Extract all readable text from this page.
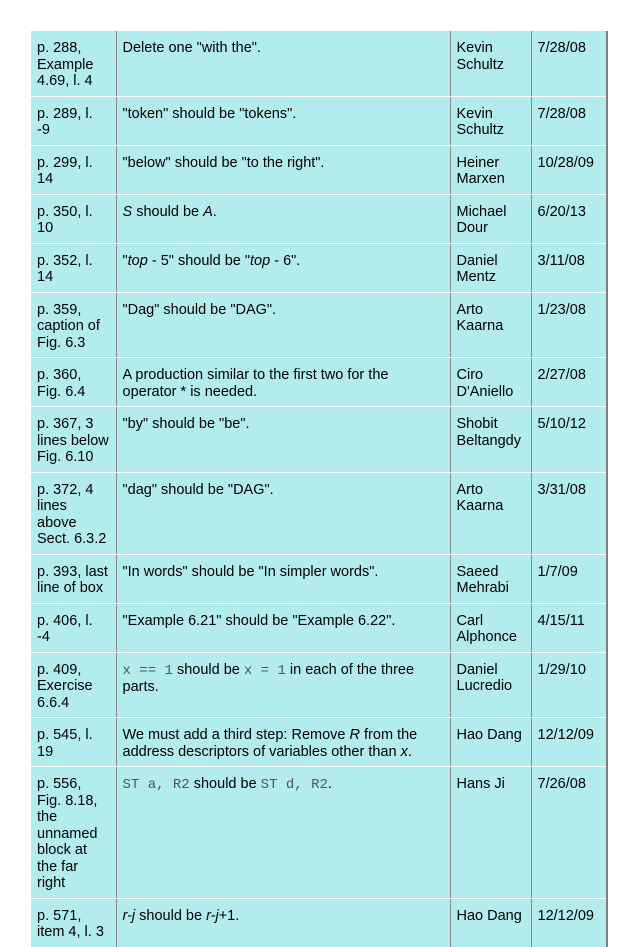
p. 288, Example 4.69, l. 4	Delete one "with the".	Kevin Schultz	7/28/08
p. 289, l. -9	"token" should be "tokens".	Kevin Schultz	7/28/08
p. 299, l. 14	"below" should be "to the right".	Heiner Marxen	10/28/09
p. 350, l. 10	S should be A.	Michael Dour	6/20/13
p. 352, l. 14	"top - 5" should be "top - 6".	Daniel Mentz	3/11/08
p. 359, caption of Fig. 6.3	"Dag" should be "DAG".	Arto Kaarna	1/23/08
p. 360, Fig. 6.4	A production similar to the first two for the operator * is needed.	Ciro D'Aniello	2/27/08
p. 367, 3 lines below Fig. 6.10	"by" should be "be".	Shobit Beltangdy	5/10/12
p. 372, 4 lines above Sect. 6.3.2	"dag" should be "DAG".	Arto Kaarna	3/31/08
p. 393, last line of box	"In words" should be "In simpler words".	Saeed Mehrabi	1/7/09
p. 406, l. -4	"Example 6.21" should be "Example 6.22".	Carl Alphonce	4/15/11
p. 409, Exercise 6.6.4	x == 1 should be x = 1 in each of the three parts.	Daniel Lucredio	1/29/10
p. 545, l. 19	We must add a third step: Remove R from the address descriptors of variables other than x.	Hao Dang	12/12/09
p. 556, Fig. 8.18, the unnamed block at the far right	ST a, R2 should be ST d, R2.	Hans Ji	7/26/08
p. 571, item 4, l. 3	r-j should be r-j+1.	Hao Dang	12/12/09
